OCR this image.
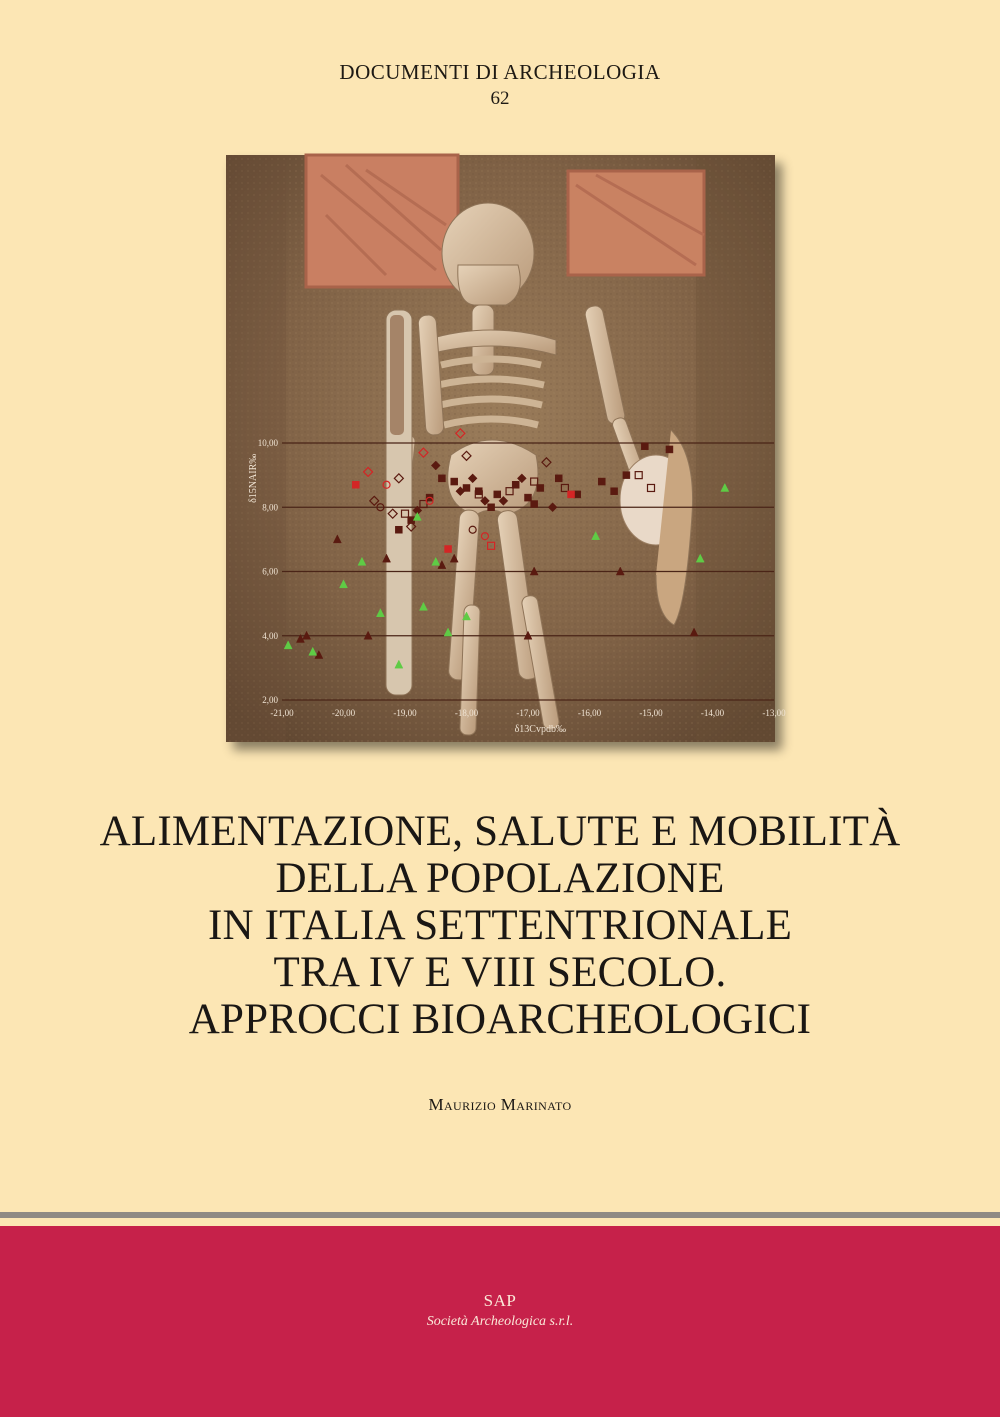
DOCUMENTI DI ARCHEOLOGIA
62
2,00
4,00
6,00
8,00
10,00
-21,00	-20,00	-19,00	-18,00	-17,00	-16,00	-15,00	-14,00	-13,00
δ13Cvpdb‰
δ15NAIR‰
ALIMENTAZIONE, SALUTE E MOBILITÀ
DELLA POPOLAZIONE
IN ITALIA SETTENTRIONALE
TRA IV E VIII SECOLO.
APPROCCI BIOARCHEOLOGICI
Maurizio Marinato
SAP
Società Archeologica s.r.l.
